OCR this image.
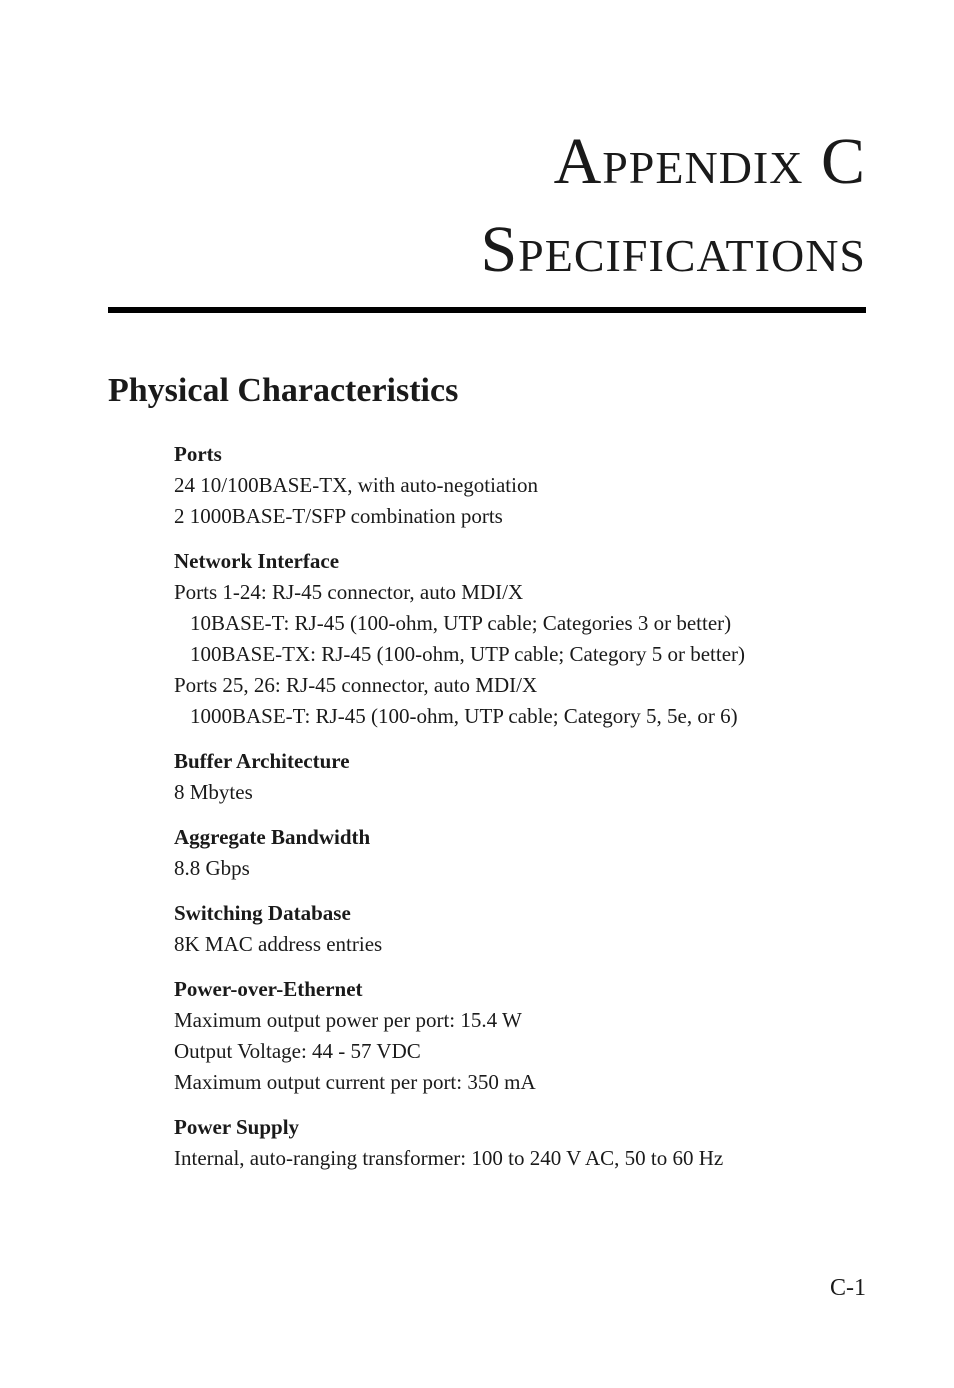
Appendix C
Specifications
Physical Characteristics
Ports
24 10/100BASE-TX, with auto-negotiation
2 1000BASE-T/SFP combination ports
Network Interface
Ports 1-24: RJ-45 connector, auto MDI/X
10BASE-T: RJ-45 (100-ohm, UTP cable; Categories 3 or better)
100BASE-TX: RJ-45 (100-ohm, UTP cable; Category 5 or better)
Ports 25, 26: RJ-45 connector, auto MDI/X
1000BASE-T: RJ-45 (100-ohm, UTP cable; Category 5, 5e, or 6)
Buffer Architecture
8 Mbytes
Aggregate Bandwidth
8.8 Gbps
Switching Database
8K MAC address entries
Power-over-Ethernet
Maximum output power per port: 15.4 W
Output Voltage: 44 - 57 VDC
Maximum output current per port: 350 mA
Power Supply
Internal, auto-ranging transformer: 100 to 240 V AC, 50 to 60 Hz
C-1
